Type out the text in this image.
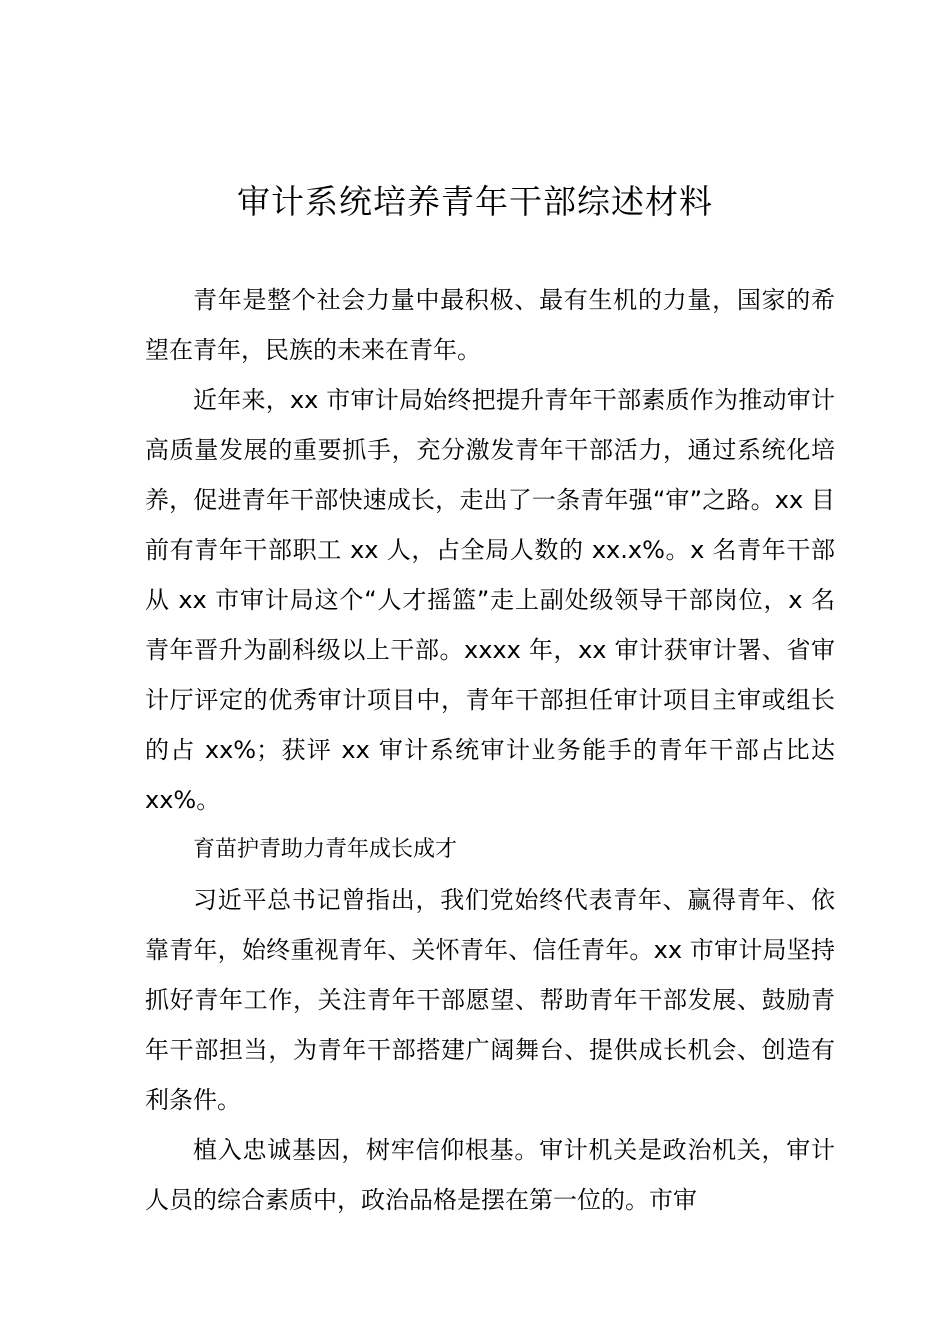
审计系统培养青年干部综述材料

青年是整个社会力量中最积极、最有生机的力量，国家的希望在青年，民族的未来在青年。

近年来，xx 市审计局始终把提升青年干部素质作为推动审计高质量发展的重要抓手，充分激发青年干部活力，通过系统化培养，促进青年干部快速成长，走出了一条青年强“审”之路。xx 目前有青年干部职工 xx 人，占全局人数的 xx.x%。x 名青年干部从 xx 市审计局这个“人才摇篮”走上副处级领导干部岗位，x 名青年晋升为副科级以上干部。xxxx 年，xx 审计获审计署、省审计厅评定的优秀审计项目中，青年干部担任审计项目主审或组长的占 xx%；获评 xx 审计系统审计业务能手的青年干部占比达 xx%。

育苗护青助力青年成长成才

习近平总书记曾指出，我们党始终代表青年、赢得青年、依靠青年，始终重视青年、关怀青年、信任青年。xx 市审计局坚持抓好青年工作，关注青年干部愿望、帮助青年干部发展、鼓励青年干部担当，为青年干部搭建广阔舞台、提供成长机会、创造有利条件。

植入忠诚基因，树牢信仰根基。审计机关是政治机关，审计人员的综合素质中，政治品格是摆在第一位的。市审
